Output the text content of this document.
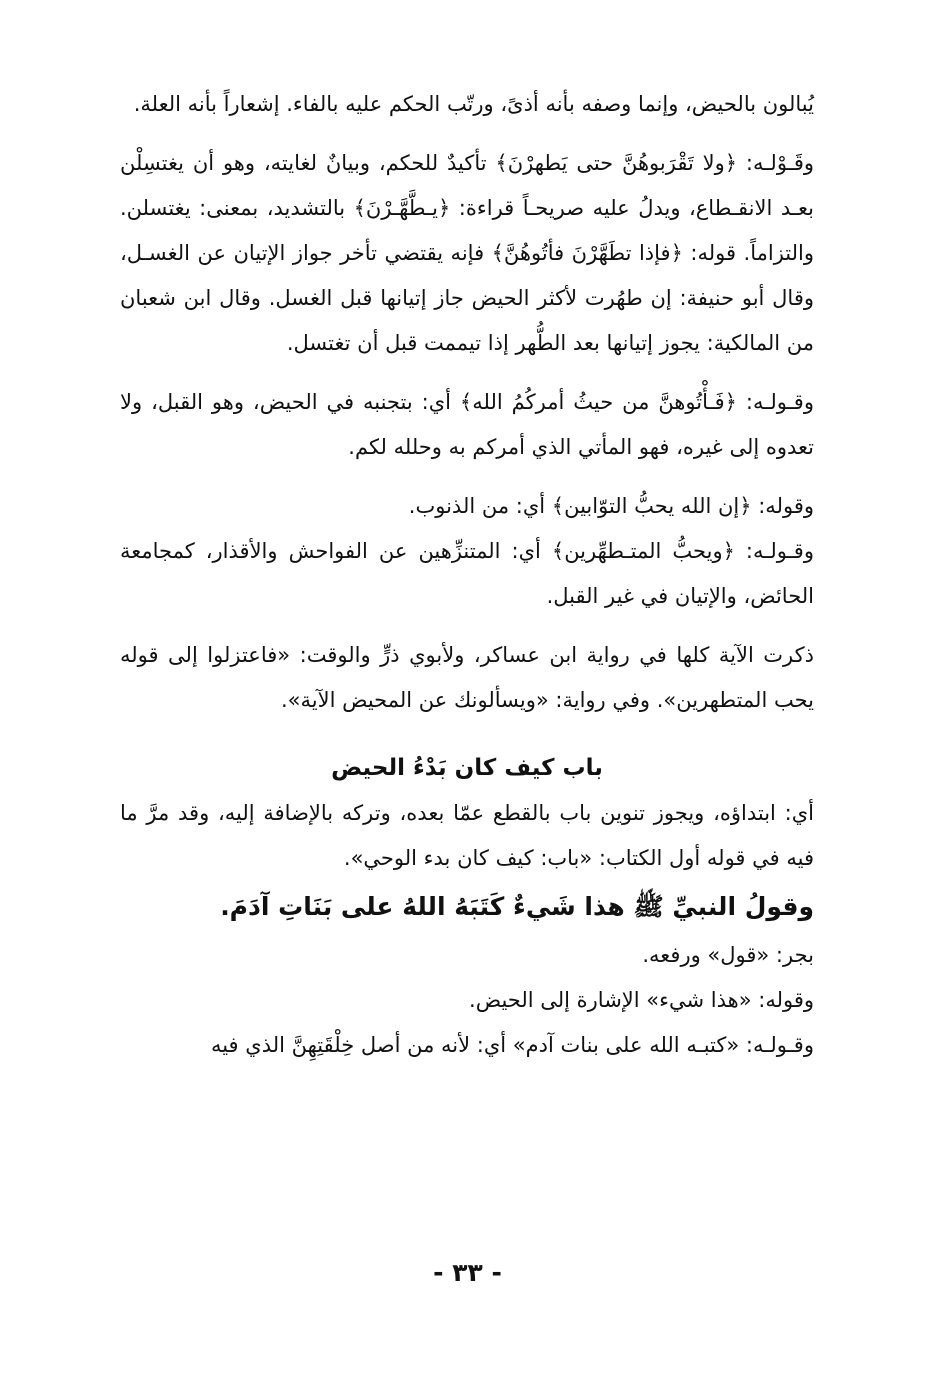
يُبالون بالحيض، وإنما وصفه بأنه أذىً، ورتّب الحكم عليه بالفاء. إشعاراً بأنه العلة.

وقَـوْلـه: ﴿ولا تَقْرَبوهُنَّ حتى يَطهرْنَ﴾ تأكيدٌ للحكم، وبيانٌ لغايته، وهو أن يغتسِلْن بعـد الانقـطاع، ويدلُ عليه صريحـاً قراءة: ﴿يـطَّهَّـرْنَ﴾ بالتشديد، بمعنى: يغتسلن. والتزاماً. قوله: ﴿فإذا تطَهَّرْنَ فأتُوهُنَّ﴾ فإنه يقتضي تأخر جواز الإتيان عن الغسـل، وقال أبو حنيفة: إن طهُرت لأكثر الحيض جاز إتيانها قبل الغسل. وقال ابن شعبان من المالكية: يجوز إتيانها بعد الطُّهر إذا تيممت قبل أن تغتسل.

وقـولـه: ﴿فَـأْتُوهنَّ من حيثُ أمركُمُ الله﴾ أي: بتجنبه في الحيض، وهو القبل، ولا تعدوه إلى غيره، فهو المأتي الذي أمركم به وحلله لكم.

وقوله: ﴿إن الله يحبُّ التوّابين﴾ أي: من الذنوب.

وقـولـه: ﴿ويحبُّ المتـطهِّرين﴾ أي: المتنزِّهين عن الفواحش والأقذار، كمجامعة الحائض، والإتيان في غير القبل.

ذكرت الآية كلها في رواية ابن عساكر، ولأبوي ذرٍّ والوقت: «فاعتزلوا إلى قوله يحب المتطهرين». وفي رواية: «ويسألونك عن المحيض الآية».

باب كيف كان بَدْءُ الحيض

أي: ابتداؤه، ويجوز تنوين باب بالقطع عمّا بعده، وتركه بالإضافة إليه، وقد مرَّ ما فيه في قوله أول الكتاب: «باب: كيف كان بدء الوحي».

وقولُ النبيِّ ﷺ هذا شَيءٌ كَتَبَهُ اللهُ على بَنَاتِ آدَمَ.

بجر: «قول» ورفعه.

وقوله: «هذا شيء» الإشارة إلى الحيض.

وقـولـه: «كتبـه الله على بنات آدم» أي: لأنه من أصل خِلْقَتِهِنَّ الذي فيه

- ٣٣ -
